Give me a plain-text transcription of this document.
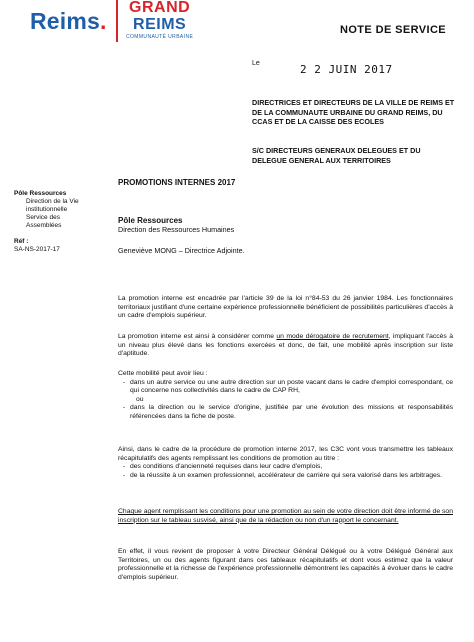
Reims.
GRAND
REIMS
COMMUNAUTÉ URBAINE
NOTE DE SERVICE
Le	2 2 JUIN 2017
DIRECTRICES ET DIRECTEURS DE LA VILLE DE REIMS ET DE LA COMMUNAUTE URBAINE DU GRAND REIMS, DU CCAS ET DE LA CAISSE DES ECOLES
S/C DIRECTEURS GENERAUX DELEGUES ET DU DELEGUE GENERAL AUX TERRITOIRES
PROMOTIONS INTERNES 2017
Pôle Ressources
Direction de la Vie institutionnelle
Service des Assemblées
Réf :
SA-NS-2017-17
Pôle Ressources
Direction des Ressources Humaines
Geneviève MONG – Directrice Adjointe.
La promotion interne est encadrée par l'article 39 de la loi n°84-53 du 26 janvier 1984. Les fonctionnaires territoriaux justifiant d'une certaine expérience professionnelle bénéficient de possibilités particulières d'accès à un cadre d'emplois supérieur.
La promotion interne est ainsi à considérer comme un mode dérogatoire de recrutement, impliquant l'accès à un niveau plus élevé dans les fonctions exercées et donc, de fait, une mobilité après inscription sur liste d'aptitude.
Cette mobilité peut avoir lieu :
- dans un autre service ou une autre direction sur un poste vacant dans le cadre d'emploi correspondant, ce qui concerne nos collectivités dans le cadre de CAP RH,
ou
- dans la direction ou le service d'origine, justifiée par une évolution des missions et responsabilités référencées dans la fiche de poste.
Ainsi, dans le cadre de la procédure de promotion interne 2017, les C3C vont vous transmettre les tableaux récapitulatifs des agents remplissant les conditions de promotion au titre :
- des conditions d'ancienneté requises dans leur cadre d'emplois,
- de la réussite à un examen professionnel, accélérateur de carrière qui sera valorisé dans les arbitrages.
Chaque agent remplissant les conditions pour une promotion au sein de votre direction doit être informé de son inscription sur le tableau susvisé, ainsi que de la rédaction ou non d'un rapport le concernant.
En effet, il vous revient de proposer à votre Directeur Général Délégué ou à votre Délégué Général aux Territoires, un ou des agents figurant dans ces tableaux récapitulatifs et dont vous estimez que la valeur professionnelle et la richesse de l'expérience professionnelle démontrent les capacités à évoluer dans le cadre d'emplois supérieur.
